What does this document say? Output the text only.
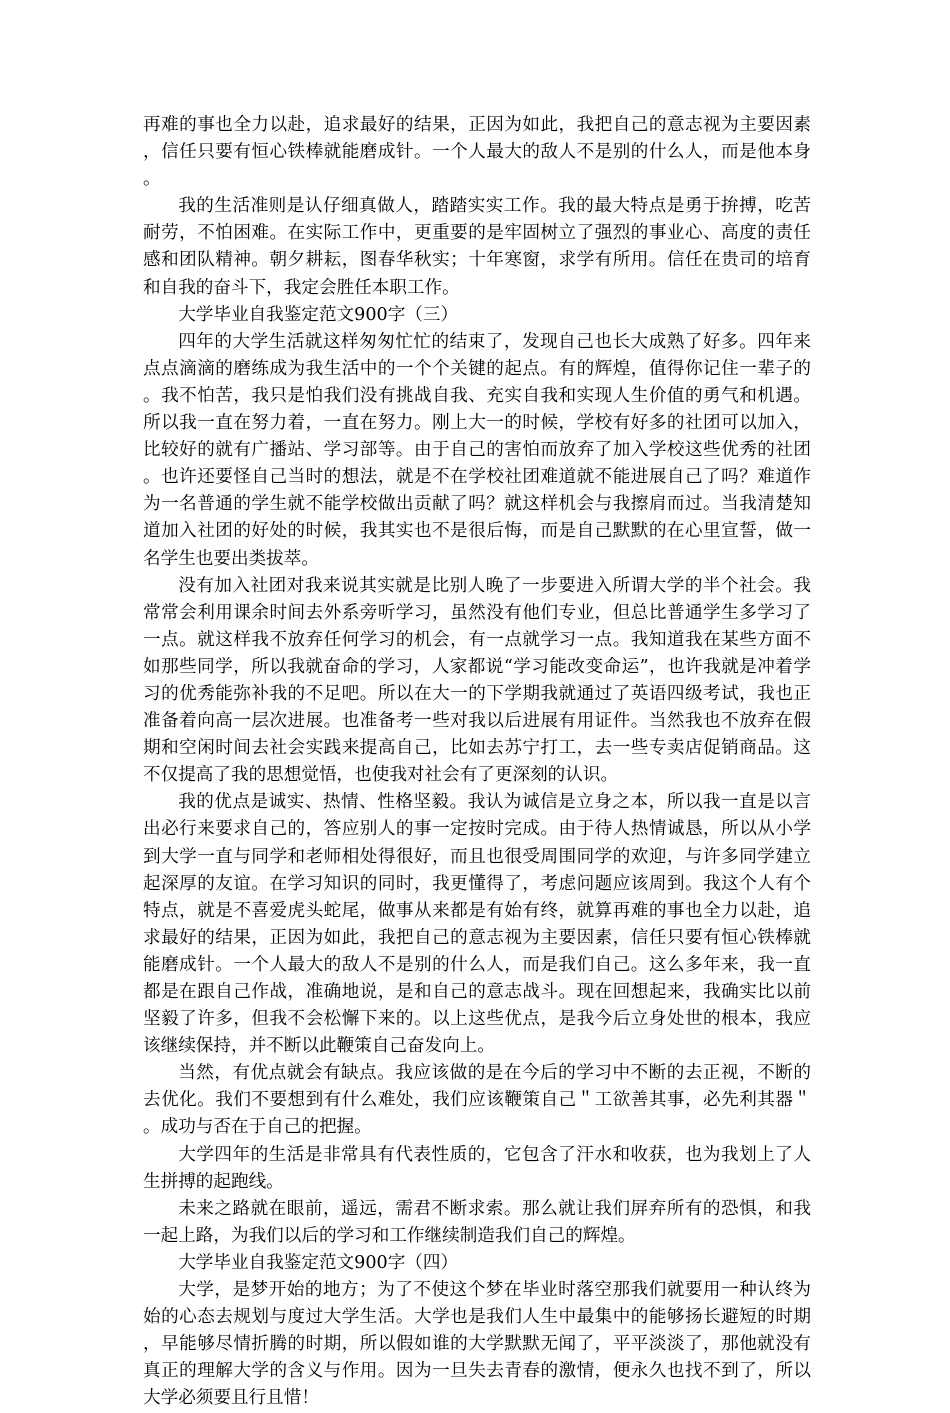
再难的事也全力以赴，追求最好的结果，正因为如此，我把自己的意志视为主要因素，信任只要有恒心铁棒就能磨成针。一个人最大的敌人不是别的什么人，而是他本身。

我的生活准则是认仔细真做人，踏踏实实工作。我的最大特点是勇于拚搏，吃苦耐劳，不怕困难。在实际工作中，更重要的是牢固树立了强烈的事业心、高度的责任感和团队精神。朝夕耕耘，图春华秋实；十年寒窗，求学有所用。信任在贵司的培育和自我的奋斗下，我定会胜任本职工作。

大学毕业自我鉴定范文900字（三）

四年的大学生活就这样匆匆忙忙的结束了，发现自己也长大成熟了好多。四年来点点滴滴的磨练成为我生活中的一个个关键的起点。有的辉煌，值得你记住一辈子的。我不怕苦，我只是怕我们没有挑战自我、充实自我和实现人生价值的勇气和机遇。所以我一直在努力着，一直在努力。刚上大一的时候，学校有好多的社团可以加入，比较好的就有广播站、学习部等。由于自己的害怕而放弃了加入学校这些优秀的社团。也许还要怪自己当时的想法，就是不在学校社团难道就不能进展自己了吗？难道作为一名普通的学生就不能学校做出贡献了吗？就这样机会与我擦肩而过。当我清楚知道加入社团的好处的时候，我其实也不是很后悔，而是自己默默的在心里宣誓，做一名学生也要出类拔萃。

没有加入社团对我来说其实就是比别人晚了一步要进入所谓大学的半个社会。我常常会利用课余时间去外系旁听学习，虽然没有他们专业，但总比普通学生多学习了一点。就这样我不放弃任何学习的机会，有一点就学习一点。我知道我在某些方面不如那些同学，所以我就奋命的学习，人家都说“学习能改变命运”，也许我就是冲着学习的优秀能弥补我的不足吧。所以在大一的下学期我就通过了英语四级考试，我也正准备着向高一层次进展。也准备考一些对我以后进展有用证件。当然我也不放弃在假期和空闲时间去社会实践来提高自己，比如去苏宁打工，去一些专卖店促销商品。这不仅提高了我的思想觉悟，也使我对社会有了更深刻的认识。

我的优点是诚实、热情、性格坚毅。我认为诚信是立身之本，所以我一直是以言出必行来要求自己的，答应别人的事一定按时完成。由于待人热情诚恳，所以从小学到大学一直与同学和老师相处得很好，而且也很受周围同学的欢迎，与许多同学建立起深厚的友谊。在学习知识的同时，我更懂得了，考虑问题应该周到。我这个人有个特点，就是不喜爱虎头蛇尾，做事从来都是有始有终，就算再难的事也全力以赴，追求最好的结果，正因为如此，我把自己的意志视为主要因素，信任只要有恒心铁棒就能磨成针。一个人最大的敌人不是别的什么人，而是我们自己。这么多年来，我一直都是在跟自己作战，准确地说，是和自己的意志战斗。现在回想起来，我确实比以前坚毅了许多，但我不会松懈下来的。以上这些优点，是我今后立身处世的根本，我应该继续保持，并不断以此鞭策自己奋发向上。

当然，有优点就会有缺点。我应该做的是在今后的学习中不断的去正视，不断的去优化。我们不要想到有什么难处，我们应该鞭策自己＂工欲善其事，必先利其器＂。成功与否在于自己的把握。

大学四年的生活是非常具有代表性质的，它包含了汗水和收获，也为我划上了人生拼搏的起跑线。

未来之路就在眼前，遥远，需君不断求索。那么就让我们屏弃所有的恐惧，和我一起上路，为我们以后的学习和工作继续制造我们自己的辉煌。

大学毕业自我鉴定范文900字（四）

大学，是梦开始的地方；为了不使这个梦在毕业时落空那我们就要用一种认终为始的心态去规划与度过大学生活。大学也是我们人生中最集中的能够扬长避短的时期，早能够尽情折腾的时期，所以假如谁的大学默默无闻了，平平淡淡了，那他就没有真正的理解大学的含义与作用。因为一旦失去青春的激情，便永久也找不到了，所以大学必须要且行且惜！
